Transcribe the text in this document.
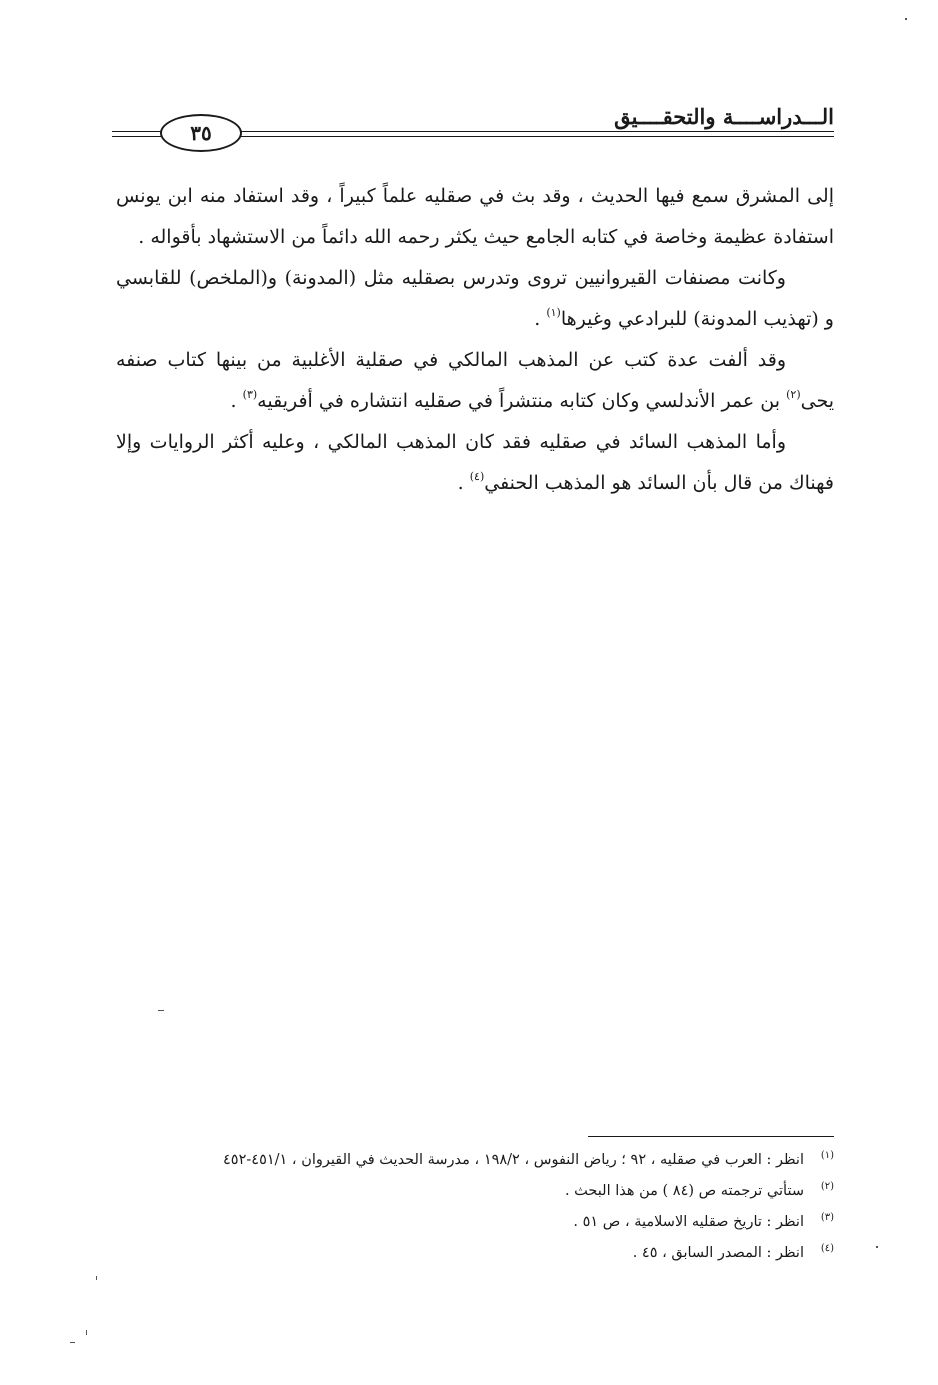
الـــدراســــة والتحقــــيق
٣٥

إلى المشرق سمع فيها الحديث ، وقد بث في صقليه علماً كبيراً ، وقد استفاد منه ابن يونس استفادة عظيمة وخاصة في كتابه الجامع حيث يكثر رحمه الله دائماً من الاستشهاد بأقواله .

وكانت مصنفات القيروانيين تروى وتدرس بصقليه مثل (المدونة) و(الملخص) للقابسي و (تهذيب المدونة) للبرادعي وغيرها$^{(١)}$ .

وقد ألفت عدة كتب عن المذهب المالكي في صقلية الأغلبية من بينها كتاب صنفه يحى$^{(٢)}$ بن عمر الأندلسي وكان كتابه منتشراً في صقليه انتشاره في أفريقيه$^{(٣)}$ .

وأما المذهب السائد في صقليه فقد كان المذهب المالكي ، وعليه أكثر الروايات وإلا فهناك من قال بأن السائد هو المذهب الحنفي$^{(٤)}$ .

(١)
انظر : العرب في صقليه ، ٩٢ ؛ رياض النفوس ، ١٩٨/٢ ، مدرسة الحديث في القيروان ، ٤٥١/١-٤٥٢
(٢)
ستأتي ترجمته ص (٨٤ ) من هذا البحث .
(٣)
انظر : تاريخ صقليه الاسلامية ، ص ٥١ .
(٤)
انظر : المصدر السابق ، ٤٥ .
